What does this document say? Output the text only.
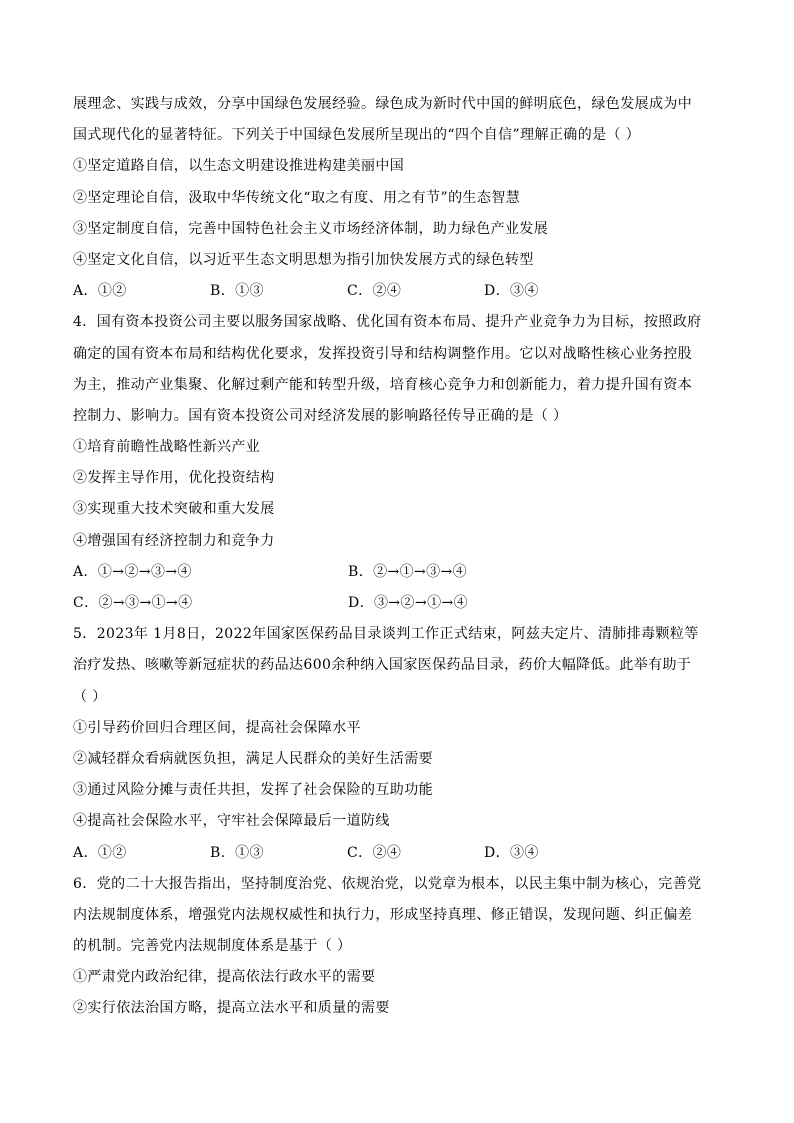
展理念、实践与成效，分享中国绿色发展经验。绿色成为新时代中国的鲜明底色，绿色发展成为中
国式现代化的显著特征。下列关于中国绿色发展所呈现出的“四个自信”理解正确的是（ ）
①坚定道路自信，以生态文明建设推进构建美丽中国
②坚定理论自信，汲取中华传统文化“取之有度、用之有节”的生态智慧
③坚定制度自信，完善中国特色社会主义市场经济体制，助力绿色产业发展
④坚定文化自信，以习近平生态文明思想为指引加快发展方式的绿色转型
A．①②	B．①③	C．②④	D．③④
4．国有资本投资公司主要以服务国家战略、优化国有资本布局、提升产业竞争力为目标，按照政府
确定的国有资本布局和结构优化要求，发挥投资引导和结构调整作用。它以对战略性核心业务控股
为主，推动产业集聚、化解过剩产能和转型升级，培育核心竞争力和创新能力，着力提升国有资本
控制力、影响力。国有资本投资公司对经济发展的影响路径传导正确的是（ ）
①培育前瞻性战略性新兴产业
②发挥主导作用，优化投资结构
③实现重大技术突破和重大发展
④增强国有经济控制力和竞争力
A．①→②→③→④	B．②→①→③→④
C．②→③→①→④	D．③→②→①→④
5．2023年 1月8日，2022年国家医保药品目录谈判工作正式结束，阿兹夫定片、清肺排毒颗粒等
治疗发热、咳嗽等新冠症状的药品达600余种纳入国家医保药品目录，药价大幅降低。此举有助于
（ ）
①引导药价回归合理区间，提高社会保障水平
②减轻群众看病就医负担，满足人民群众的美好生活需要
③通过风险分摊与责任共担，发挥了社会保险的互助功能
④提高社会保险水平，守牢社会保障最后一道防线
A．①②	B．①③	C．②④	D．③④
6．党的二十大报告指出，坚持制度治党、依规治党，以党章为根本，以民主集中制为核心，完善党
内法规制度体系，增强党内法规权威性和执行力，形成坚持真理、修正错误，发现问题、纠正偏差
的机制。完善党内法规制度体系是基于（ ）
①严肃党内政治纪律，提高依法行政水平的需要
②实行依法治国方略，提高立法水平和质量的需要
